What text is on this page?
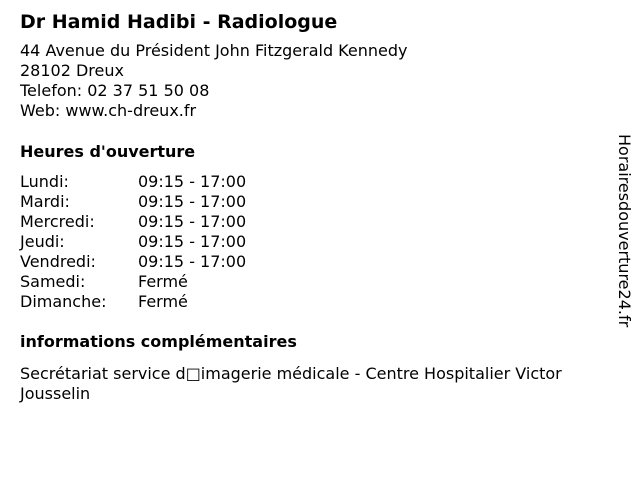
Dr Hamid Hadibi - Radiologue
44 Avenue du Président John Fitzgerald Kennedy
28102 Dreux
Telefon: 02 37 51 50 08
Web: www.ch-dreux.fr
Heures d'ouverture
Lundi:	09:15 - 17:00
Mardi:	09:15 - 17:00
Mercredi:	09:15 - 17:00
Jeudi:	09:15 - 17:00
Vendredi:	09:15 - 17:00
Samedi:	Fermé
Dimanche:	Fermé
informations complémentaires
Secrétariat service d□imagerie médicale - Centre Hospitalier Victor Jousselin
Horairesdouverture24.fr
